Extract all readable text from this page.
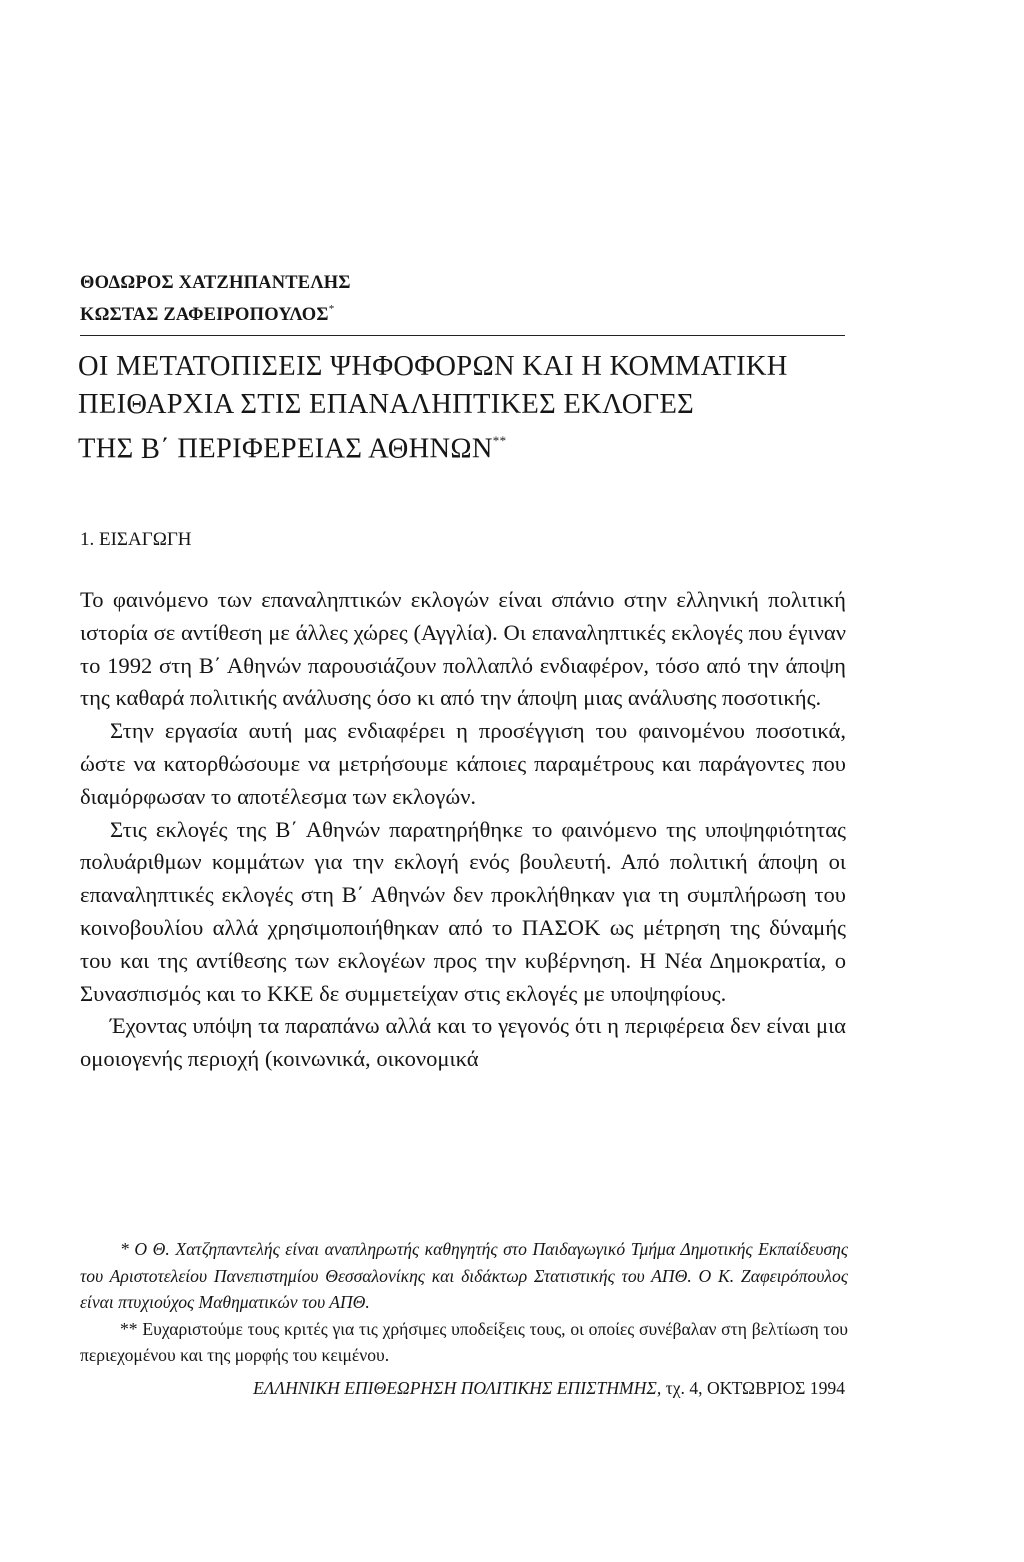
ΘΟΔΩΡΟΣ ΧΑΤΖΗΠΑΝΤΕΛΗΣ
ΚΩΣΤΑΣ ΖΑΦΕΙΡΟΠΟΥΛΟΣ*
ΟΙ ΜΕΤΑΤΟΠΙΣΕΙΣ ΨΗΦΟΦΟΡΩΝ ΚΑΙ Η ΚΟΜΜΑΤΙΚΗ
ΠΕΙΘΑΡΧΙΑ ΣΤΙΣ ΕΠΑΝΑΛΗΠΤΙΚΕΣ ΕΚΛΟΓΕΣ
ΤΗΣ Β΄ ΠΕΡΙΦΕΡΕΙΑΣ ΑΘΗΝΩΝ**
1. ΕΙΣΑΓΩΓΗ

Το φαινόμενο των επαναληπτικών εκλογών είναι σπάνιο στην ελληνική πολιτική ιστορία σε αντίθεση με άλλες χώρες (Αγγλία). Οι επαναληπτικές εκλογές που έγιναν το 1992 στη Β΄ Αθηνών παρουσιάζουν πολλαπλό ενδιαφέρον, τόσο από την άποψη της καθαρά πολιτικής ανάλυσης όσο κι από την άποψη μιας ανάλυσης ποσοτικής.

Στην εργασία αυτή μας ενδιαφέρει η προσέγγιση του φαινομένου ποσοτικά, ώστε να κατορθώσουμε να μετρήσουμε κάποιες παραμέτρους και παράγοντες που διαμόρφωσαν το αποτέλεσμα των εκλογών.

Στις εκλογές της Β΄ Αθηνών παρατηρήθηκε το φαινόμενο της υποψηφιότητας πολυάριθμων κομμάτων για την εκλογή ενός βουλευτή. Από πολιτική άποψη οι επαναληπτικές εκλογές στη Β΄ Αθηνών δεν προκλήθηκαν για τη συμπλήρωση του κοινοβουλίου αλλά χρησιμοποιήθηκαν από το ΠΑΣΟΚ ως μέτρηση της δύναμής του και της αντίθεσης των εκλογέων προς την κυβέρνηση. Η Νέα Δημοκρατία, ο Συνασπισμός και το ΚΚΕ δε συμμετείχαν στις εκλογές με υποψηφίους.

Έχοντας υπόψη τα παραπάνω αλλά και το γεγονός ότι η περιφέρεια δεν είναι μια ομοιογενής περιοχή (κοινωνικά, οικονομικά

* Ο Θ. Χατζηπαντελής είναι αναπληρωτής καθηγητής στο Παιδαγωγικό Τμήμα Δημοτικής Εκπαίδευσης του Αριστοτελείου Πανεπιστημίου Θεσσαλονίκης και διδάκτωρ Στατιστικής του ΑΠΘ. Ο Κ. Ζαφειρόπουλος είναι πτυχιούχος Μαθηματικών του ΑΠΘ.

** Ευχαριστούμε τους κριτές για τις χρήσιμες υποδείξεις τους, οι οποίες συνέβαλαν στη βελτίωση του περιεχομένου και της μορφής του κειμένου.

ΕΛΛΗΝΙΚΗ ΕΠΙΘΕΩΡΗΣΗ ΠΟΛΙΤΙΚΗΣ ΕΠΙΣΤΗΜΗΣ, τχ. 4, ΟΚΤΩΒΡΙΟΣ 1994
